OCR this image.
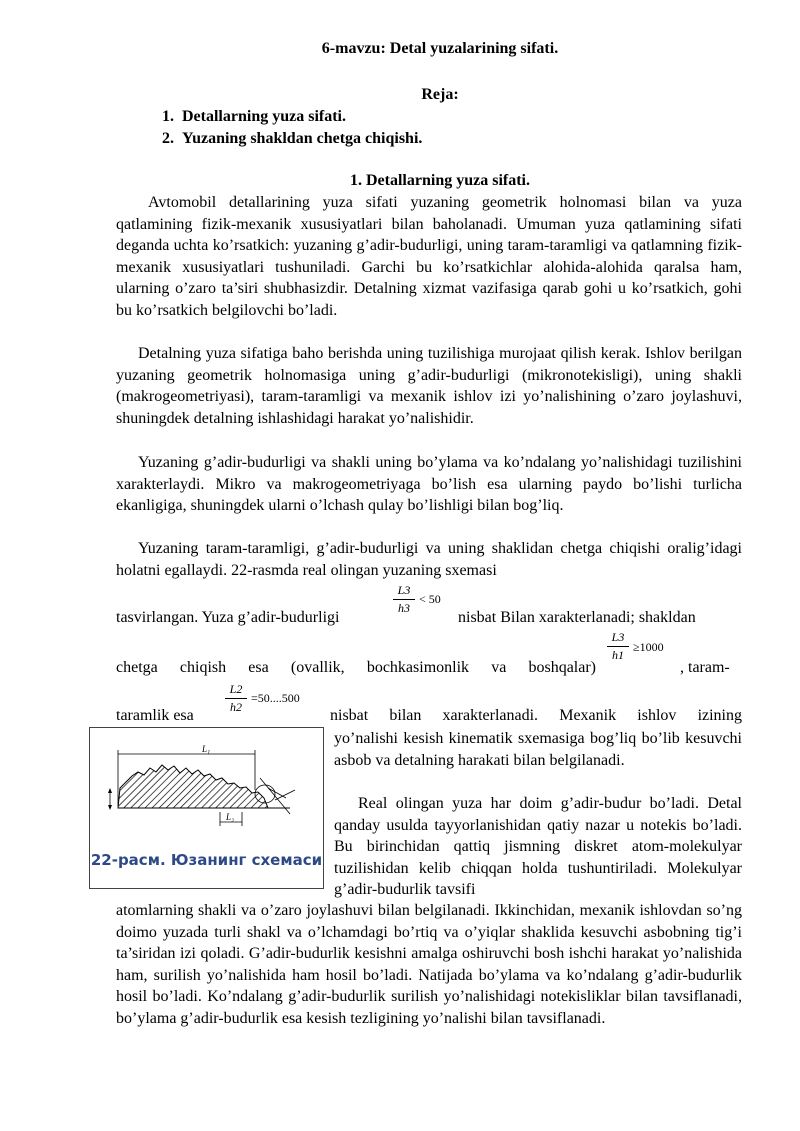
6-mavzu: Detal yuzalarining sifati.
Reja:
1.  Detallarning yuza sifati.
2.  Yuzaning shakldan chetga chiqishi.
1. Detallarning yuza sifati.

Avtomobil detallarining yuza sifati yuzaning geometrik holnomasi bilan va yuza qatlamining fizik-mexanik xususiyatlari bilan baholanadi. Umuman yuza qatlamining sifati deganda uchta ko’rsatkich: yuzaning g’adir-budurligi, uning taram-taramligi va qatlamning fizik-mexanik xususiyatlari tushuniladi. Garchi bu ko’rsatkichlar alohida-alohida qaralsa ham, ularning o’zaro ta’siri shubhasizdir. Detalning xizmat vazifasiga qarab gohi u ko’rsatkich, gohi bu ko’rsatkich belgilovchi bo’ladi.

Detalning yuza sifatiga baho berishda uning tuzilishiga murojaat qilish kerak. Ishlov berilgan yuzaning geometrik holnomasiga uning g’adir-budurligi (mikronotekisligi), uning shakli (makrogeometriyasi), taram-taramligi va mexanik ishlov izi yo’nalishining o’zaro joylashuvi, shuningdek detalning ishlashidagi harakat yo’nalishidir.

Yuzaning g’adir-budurligi va shakli uning bo’ylama va ko’ndalang yo’nalishidagi tuzilishini xarakterlaydi. Mikro va makrogeometriyaga bo’lish esa ularning paydo bo’lishi turlicha ekanligiga, shuningdek ularni o’lchash qulay bo’lishligi bilan bog’liq.

Yuzaning taram-taramligi, g’adir-budurligi va uning shaklidan chetga chiqishi oralig’idagi holatni egallaydi. 22-rasmda real olingan yuzaning sxemasi

L3
h3
< 50
tasvirlangan. Yuza g’adir-budurligi	nisbat Bilan xarakterlanadi; shakldan
L3
h1
≥1000
chetga chiqish esa (ovallik, bochkasimonlik va boshqalar)	, taram-
L2
h2
=50....500
taramlik esa	nisbat bilan xarakterlanadi. Mexanik ishlov izining

yo’nalishi kesish kinematik sxemasiga bog’liq bo’lib kesuvchi asbob va detalning harakati bilan belgilanadi.

Real olingan yuza har doim g’adir-budur bo’ladi. Detal qanday usulda tayyorlanishidan qatiy nazar u notekis bo’ladi. Bu birinchidan qattiq jismning diskret atom-molekulyar tuzilishidan kelib chiqqan holda tushuntiriladi. Molekulyar g’adir-budurlik tavsifi

L₁
L₂
22-расм. Юзанинг схемаси

atomlarning shakli va o’zaro joylashuvi bilan belgilanadi. Ikkinchidan, mexanik ishlovdan so’ng doimo yuzada turli shakl va o’lchamdagi bo’rtiq va o’yiqlar shaklida kesuvchi asbobning tig’i ta’siridan izi qoladi. G’adir-budurlik kesishni amalga oshiruvchi bosh ishchi harakat yo’nalishida ham, surilish yo’nalishida ham hosil bo’ladi. Natijada bo’ylama va ko’ndalang g’adir-budurlik hosil bo’ladi. Ko’ndalang g’adir-budurlik surilish yo’nalishidagi notekisliklar bilan tavsiflanadi, bo’ylama g’adir-budurlik esa kesish tezligining yo’nalishi bilan tavsiflanadi.
